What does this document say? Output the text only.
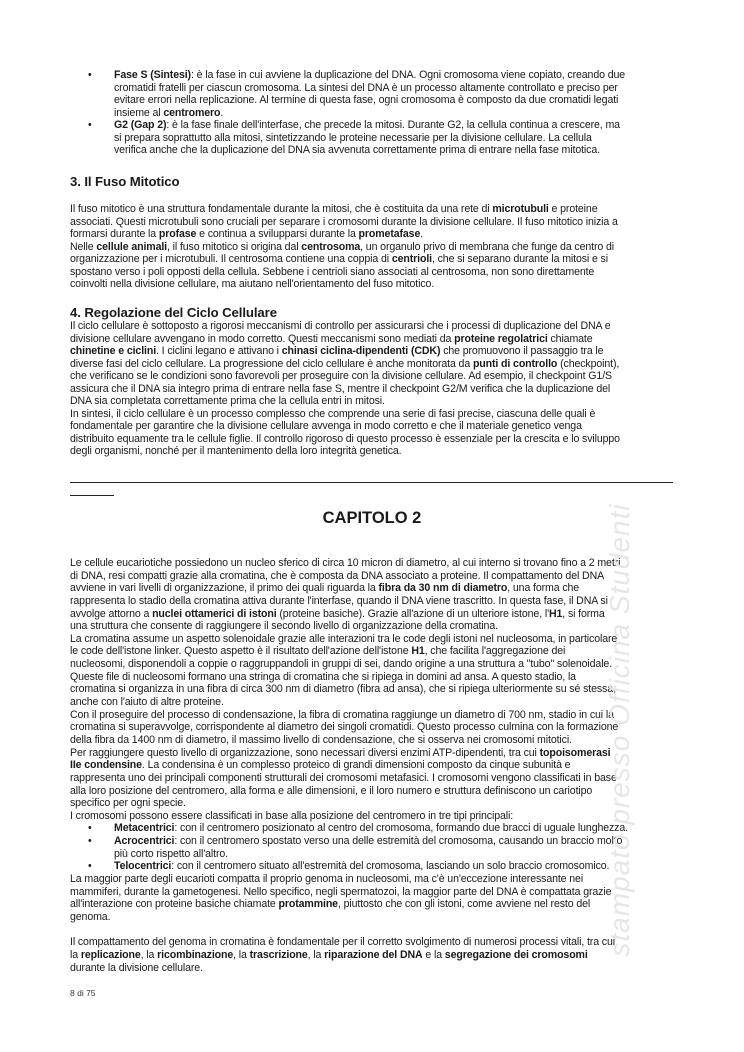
• Fase S (Sintesi): è la fase in cui avviene la duplicazione del DNA. Ogni cromosoma viene copiato, creando due
cromatidi fratelli per ciascun cromosoma. La sintesi del DNA è un processo altamente controllato e preciso per
evitare errori nella replicazione. Al termine di questa fase, ogni cromosoma è composto da due cromatidi legati
insieme al centromero.
• G2 (Gap 2): è la fase finale dell'interfase, che precede la mitosi. Durante G2, la cellula continua a crescere, ma
si prepara soprattutto alla mitosi, sintetizzando le proteine necessarie per la divisione cellulare. La cellula
verifica anche che la duplicazione del DNA sia avvenuta correttamente prima di entrare nella fase mitotica.
3. Il Fuso Mitotico
Il fuso mitotico è una struttura fondamentale durante la mitosi, che è costituita da una rete di microtubuli e proteine
associati. Questi microtubuli sono cruciali per separare i cromosomi durante la divisione cellulare. Il fuso mitotico inizia a
formarsi durante la profase e continua a svilupparsi durante la prometafase.
Nelle cellule animali, il fuso mitotico si origina dal centrosoma, un organulo privo di membrana che funge da centro di
organizzazione per i microtubuli. Il centrosoma contiene una coppia di centrioli, che si separano durante la mitosi e si
spostano verso i poli opposti della cellula. Sebbene i centrioli siano associati al centrosoma, non sono direttamente
coinvolti nella divisione cellulare, ma aiutano nell'orientamento del fuso mitotico.
4. Regolazione del Ciclo Cellulare
Il ciclo cellulare è sottoposto a rigorosi meccanismi di controllo per assicurarsi che i processi di duplicazione del DNA e
divisione cellulare avvengano in modo corretto. Questi meccanismi sono mediati da proteine regolatrici chiamate
chinetine e ciclini. I ciclini legano e attivano i chinasi ciclina-dipendenti (CDK) che promuovono il passaggio tra le
diverse fasi del ciclo cellulare. La progressione del ciclo cellulare è anche monitorata da punti di controllo (checkpoint),
che verificano se le condizioni sono favorevoli per proseguire con la divisione cellulare. Ad esempio, il checkpoint G1/S
assicura che il DNA sia integro prima di entrare nella fase S, mentre il checkpoint G2/M verifica che la duplicazione del
DNA sia completata correttamente prima che la cellula entri in mitosi.
In sintesi, il ciclo cellulare è un processo complesso che comprende una serie di fasi precise, ciascuna delle quali è
fondamentale per garantire che la divisione cellulare avvenga in modo corretto e che il materiale genetico venga
distribuito equamente tra le cellule figlie. Il controllo rigoroso di questo processo è essenziale per la crescita e lo sviluppo
degli organismi, nonché per il mantenimento della loro integrità genetica.
CAPITOLO 2
Le cellule eucariotiche possiedono un nucleo sferico di circa 10 micron di diametro, al cui interno si trovano fino a 2 metri
di DNA, resi compatti grazie alla cromatina, che è composta da DNA associato a proteine. Il compattamento del DNA
avviene in vari livelli di organizzazione, il primo dei quali riguarda la fibra da 30 nm di diametro, una forma che
rappresenta lo stadio della cromatina attiva durante l'interfase, quando il DNA viene trascritto. In questa fase, il DNA si
avvolge attorno a nuclei ottamerici di istoni (proteine basiche). Grazie all'azione di un ulteriore istone, l'H1, si forma
una struttura che consente di raggiungere il secondo livello di organizzazione della cromatina.
La cromatina assume un aspetto solenoidale grazie alle interazioni tra le code degli istoni nel nucleosoma, in particolare
le code dell'istone linker. Questo aspetto è il risultato dell'azione dell'istone H1, che facilita l'aggregazione dei
nucleosomi, disponendoli a coppie o raggruppandoli in gruppi di sei, dando origine a una struttura a "tubo" solenoidale.
Queste file di nucleosomi formano una stringa di cromatina che si ripiega in domini ad ansa. A questo stadio, la
cromatina si organizza in una fibra di circa 300 nm di diametro (fibra ad ansa), che si ripiega ulteriormente su sé stessa,
anche con l'aiuto di altre proteine.
Con il proseguire del processo di condensazione, la fibra di cromatina raggiunge un diametro di 700 nm, stadio in cui la
cromatina si superavvolge, corrispondente al diametro dei singoli cromatidi. Questo processo culmina con la formazione
della fibra da 1400 nm di diametro, il massimo livello di condensazione, che si osserva nei cromosomi mitotici.
Per raggiungere questo livello di organizzazione, sono necessari diversi enzimi ATP-dipendenti, tra cui topoisomerasi
IIe condensine. La condensina è un complesso proteico di grandi dimensioni composto da cinque subunità e
rappresenta uno dei principali componenti strutturali dei cromosomi metafasici. I cromosomi vengono classificati in base
alla loro posizione del centromero, alla forma e alle dimensioni, e il loro numero e struttura definiscono un cariotipo
specifico per ogni specie.
I cromosomi possono essere classificati in base alla posizione del centromero in tre tipi principali:
• Metacentrici: con il centromero posizionato al centro del cromosoma, formando due bracci di uguale lunghezza.
• Acrocentrici: con il centromero spostato verso una delle estremità del cromosoma, causando un braccio molto
più corto rispetto all'altro.
• Telocentrici: con il centromero situato all'estremità del cromosoma, lasciando un solo braccio cromosomico.
La maggior parte degli eucarioti compatta il proprio genoma in nucleosomi, ma c'è un'eccezione interessante nei
mammiferi, durante la gametogenesi. Nello specifico, negli spermatozoi, la maggior parte del DNA è compattata grazie
all'interazione con proteine basiche chiamate protammine, piuttosto che con gli istoni, come avviene nel resto del
genoma.
Il compattamento del genoma in cromatina è fondamentale per il corretto svolgimento di numerosi processi vitali, tra cui
la replicazione, la ricombinazione, la trascrizione, la riparazione del DNA e la segregazione dei cromosomi
durante la divisione cellulare.
8 di 75
stampato presso Officina Studenti
